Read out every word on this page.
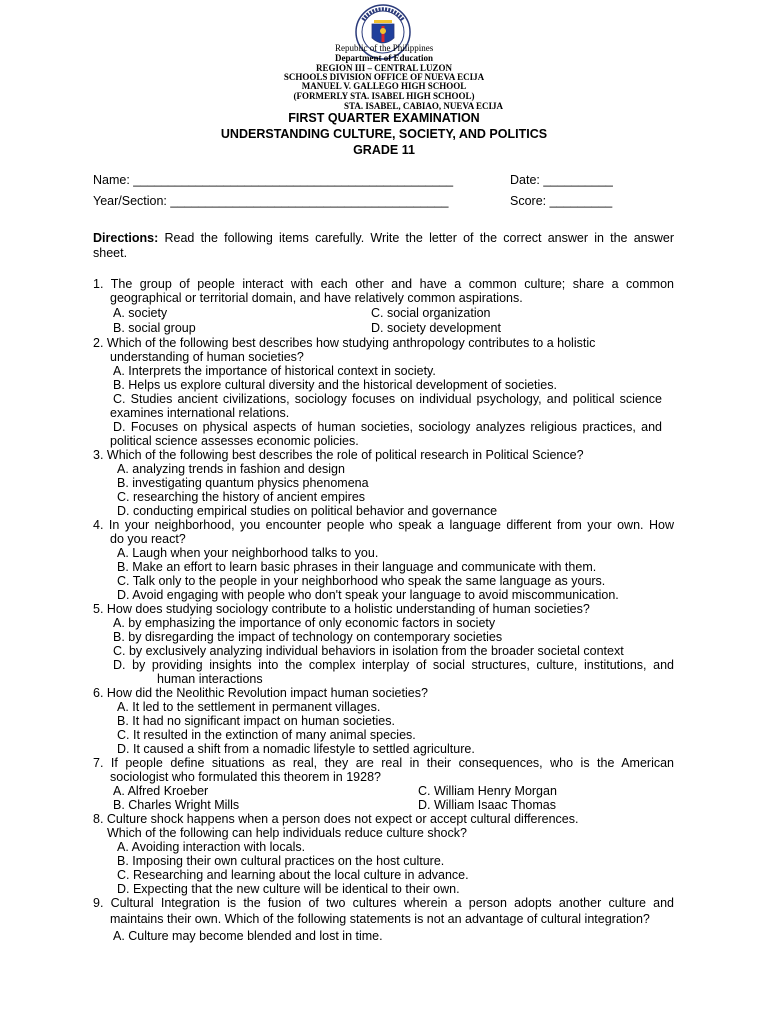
Republic of the Philippines
Department of Education
REGION III – CENTRAL LUZON
SCHOOLS DIVISION OFFICE OF NUEVA ECIJA
MANUEL V. GALLEGO HIGH SCHOOL
(FORMERLY STA. ISABEL HIGH SCHOOL)
STA. ISABEL, CABIAO, NUEVA ECIJA
FIRST QUARTER EXAMINATION
UNDERSTANDING CULTURE, SOCIETY, AND POLITICS
GRADE 11
Name: ______________________________________________	Date: __________
Year/Section: ________________________________________	Score: _________
Directions: Read the following items carefully. Write the letter of the correct answer in the answer
sheet.
1. The group of people interact with each other and have a common culture; share a common
geographical or territorial domain, and have relatively common aspirations.
A. society	C. social organization
B. social group	D. society development
2. Which of the following best describes how studying anthropology contributes to a holistic
understanding of human societies?
A. Interprets the importance of historical context in society.
B. Helps us explore cultural diversity and the historical development of societies.
C. Studies ancient civilizations, sociology focuses on individual psychology, and political science
examines international relations.
D. Focuses on physical aspects of human societies, sociology analyzes religious practices, and
political science assesses economic policies.
3. Which of the following best describes the role of political research in Political Science?
A. analyzing trends in fashion and design
B. investigating quantum physics phenomena
C. researching the history of ancient empires
D. conducting empirical studies on political behavior and governance
4. In your neighborhood, you encounter people who speak a language different from your own. How
do you react?
A. Laugh when your neighborhood talks to you.
B. Make an effort to learn basic phrases in their language and communicate with them.
C. Talk only to the people in your neighborhood who speak the same language as yours.
D. Avoid engaging with people who don't speak your language to avoid miscommunication.
5. How does studying sociology contribute to a holistic understanding of human societies?
A. by emphasizing the importance of only economic factors in society
B. by disregarding the impact of technology on contemporary societies
C. by exclusively analyzing individual behaviors in isolation from the broader societal context
D. by providing insights into the complex interplay of social structures, culture, institutions, and
human interactions
6. How did the Neolithic Revolution impact human societies?
A. It led to the settlement in permanent villages.
B. It had no significant impact on human societies.
C. It resulted in the extinction of many animal species.
D. It caused a shift from a nomadic lifestyle to settled agriculture.
7. If people define situations as real, they are real in their consequences, who is the American
sociologist who formulated this theorem in 1928?
A. Alfred Kroeber	C. William Henry Morgan
B. Charles Wright Mills	D. William Isaac Thomas
8. Culture shock happens when a person does not expect or accept cultural differences.
Which of the following can help individuals reduce culture shock?
A. Avoiding interaction with locals.
B. Imposing their own cultural practices on the host culture.
C. Researching and learning about the local culture in advance.
D. Expecting that the new culture will be identical to their own.
9. Cultural Integration is the fusion of two cultures wherein a person adopts another culture and
maintains their own. Which of the following statements is not an advantage of cultural integration?
A. Culture may become blended and lost in time.
